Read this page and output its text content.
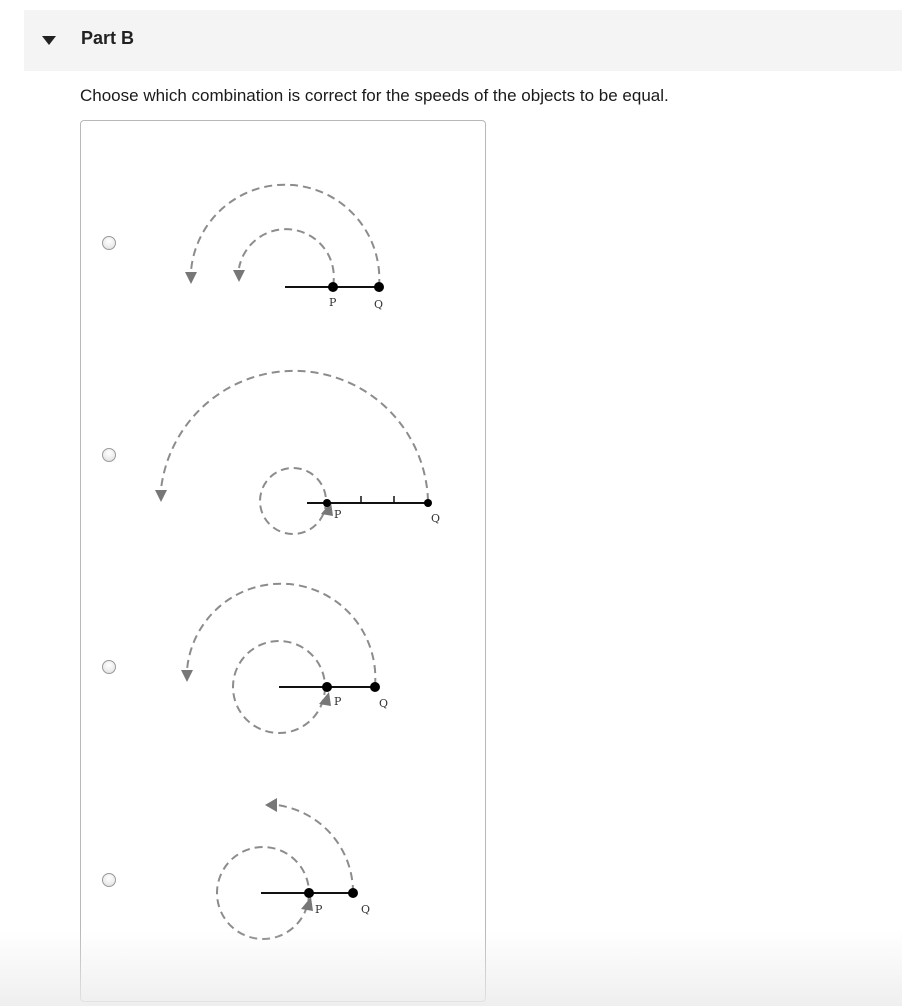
Part B
Choose which combination is correct for the speeds of the objects to be equal.
P	Q
P	Q
P	Q
P	Q
